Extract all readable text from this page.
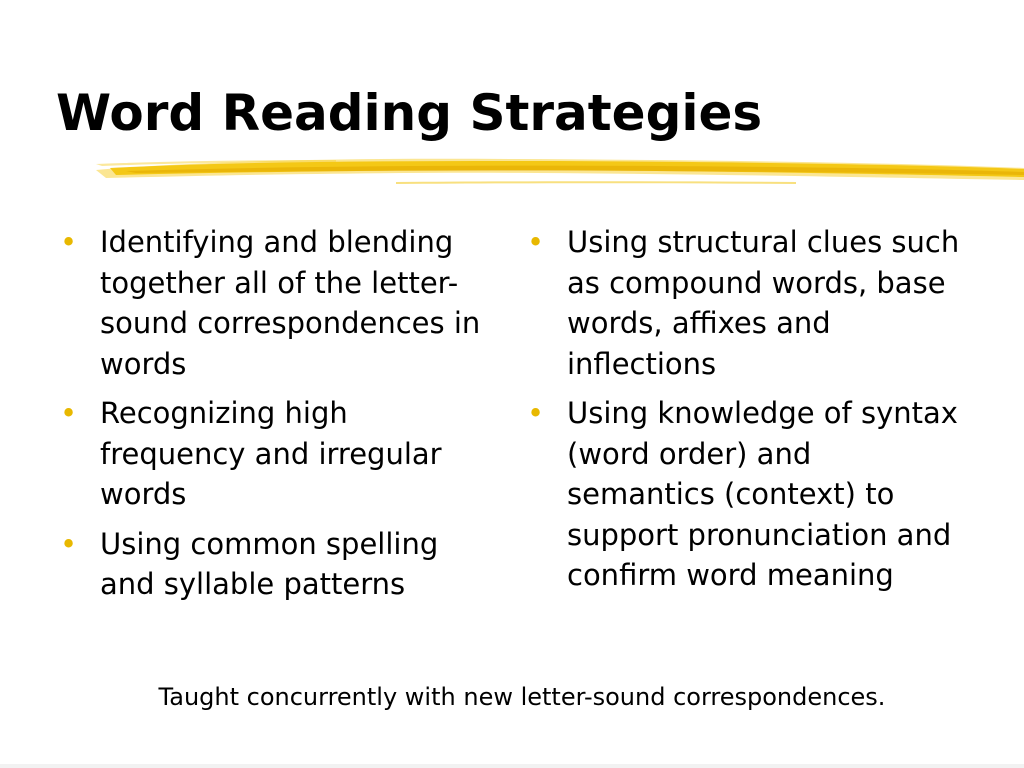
Word Reading Strategies
• Identifying and blending together all of the letter-sound correspondences in words
• Recognizing high frequency and irregular words
• Using common spelling and syllable patterns
• Using structural clues such as compound words, base words, affixes and inflections
• Using knowledge of syntax (word order) and semantics (context) to support pronunciation and confirm word meaning
Taught concurrently with new letter-sound correspondences.
